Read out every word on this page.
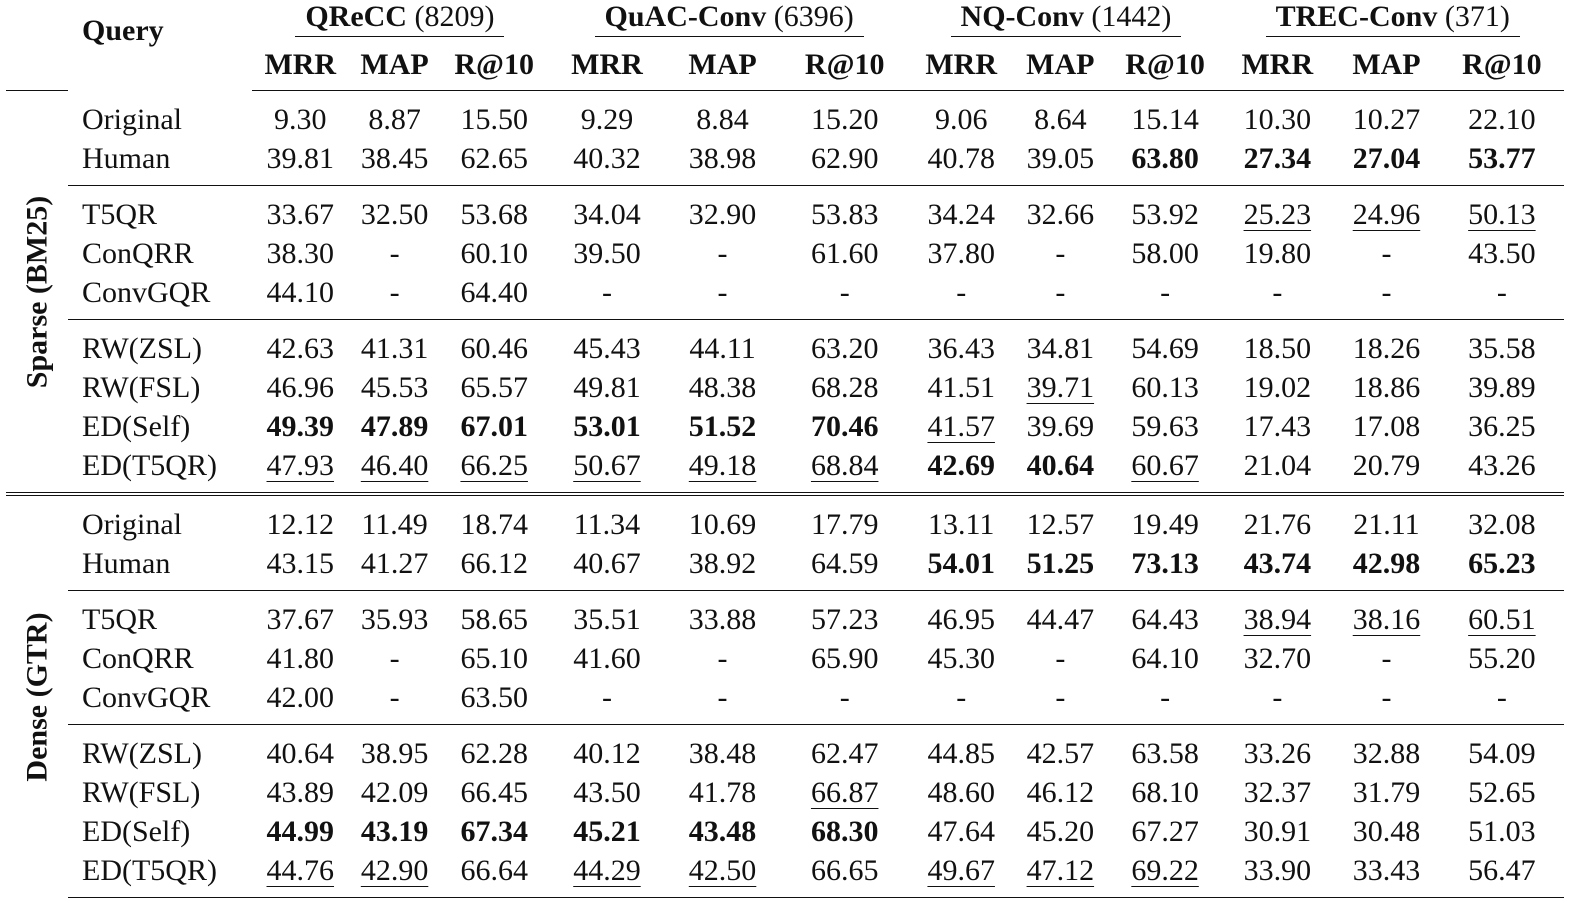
	Query	QReCC (8209)			QuAC-Conv (6396)			NQ-Conv (1442)			TREC-Conv (371)		
		MRR	MAP	R@10	MRR	MAP	R@10	MRR	MAP	R@10	MRR	MAP	R@10

Sparse (BM25)	Original	9.30	8.87	15.50	9.29	8.84	15.20	9.06	8.64	15.14	10.30	10.27	22.10
	Human	39.81	38.45	62.65	40.32	38.98	62.90	40.78	39.05	63.80	27.34	27.04	53.77
	T5QR	33.67	32.50	53.68	34.04	32.90	53.83	34.24	32.66	53.92	25.23	24.96	50.13
	ConQRR	38.30	-	60.10	39.50	-	61.60	37.80	-	58.00	19.80	-	43.50
	ConvGQR	44.10	-	64.40	-	-	-	-	-	-	-	-	-
	RW(ZSL)	42.63	41.31	60.46	45.43	44.11	63.20	36.43	34.81	54.69	18.50	18.26	35.58
	RW(FSL)	46.96	45.53	65.57	49.81	48.38	68.28	41.51	39.71	60.13	19.02	18.86	39.89
	ED(Self)	49.39	47.89	67.01	53.01	51.52	70.46	41.57	39.69	59.63	17.43	17.08	36.25
	ED(T5QR)	47.93	46.40	66.25	50.67	49.18	68.84	42.69	40.64	60.67	21.04	20.79	43.26

Dense (GTR)	Original	12.12	11.49	18.74	11.34	10.69	17.79	13.11	12.57	19.49	21.76	21.11	32.08
	Human	43.15	41.27	66.12	40.67	38.92	64.59	54.01	51.25	73.13	43.74	42.98	65.23
	T5QR	37.67	35.93	58.65	35.51	33.88	57.23	46.95	44.47	64.43	38.94	38.16	60.51
	ConQRR	41.80	-	65.10	41.60	-	65.90	45.30	-	64.10	32.70	-	55.20
	ConvGQR	42.00	-	63.50	-	-	-	-	-	-	-	-	-
	RW(ZSL)	40.64	38.95	62.28	40.12	38.48	62.47	44.85	42.57	63.58	33.26	32.88	54.09
	RW(FSL)	43.89	42.09	66.45	43.50	41.78	66.87	48.60	46.12	68.10	32.37	31.79	52.65
	ED(Self)	44.99	43.19	67.34	45.21	43.48	68.30	47.64	45.20	67.27	30.91	30.48	51.03
	ED(T5QR)	44.76	42.90	66.64	44.29	42.50	66.65	49.67	47.12	69.22	33.90	33.43	56.47
